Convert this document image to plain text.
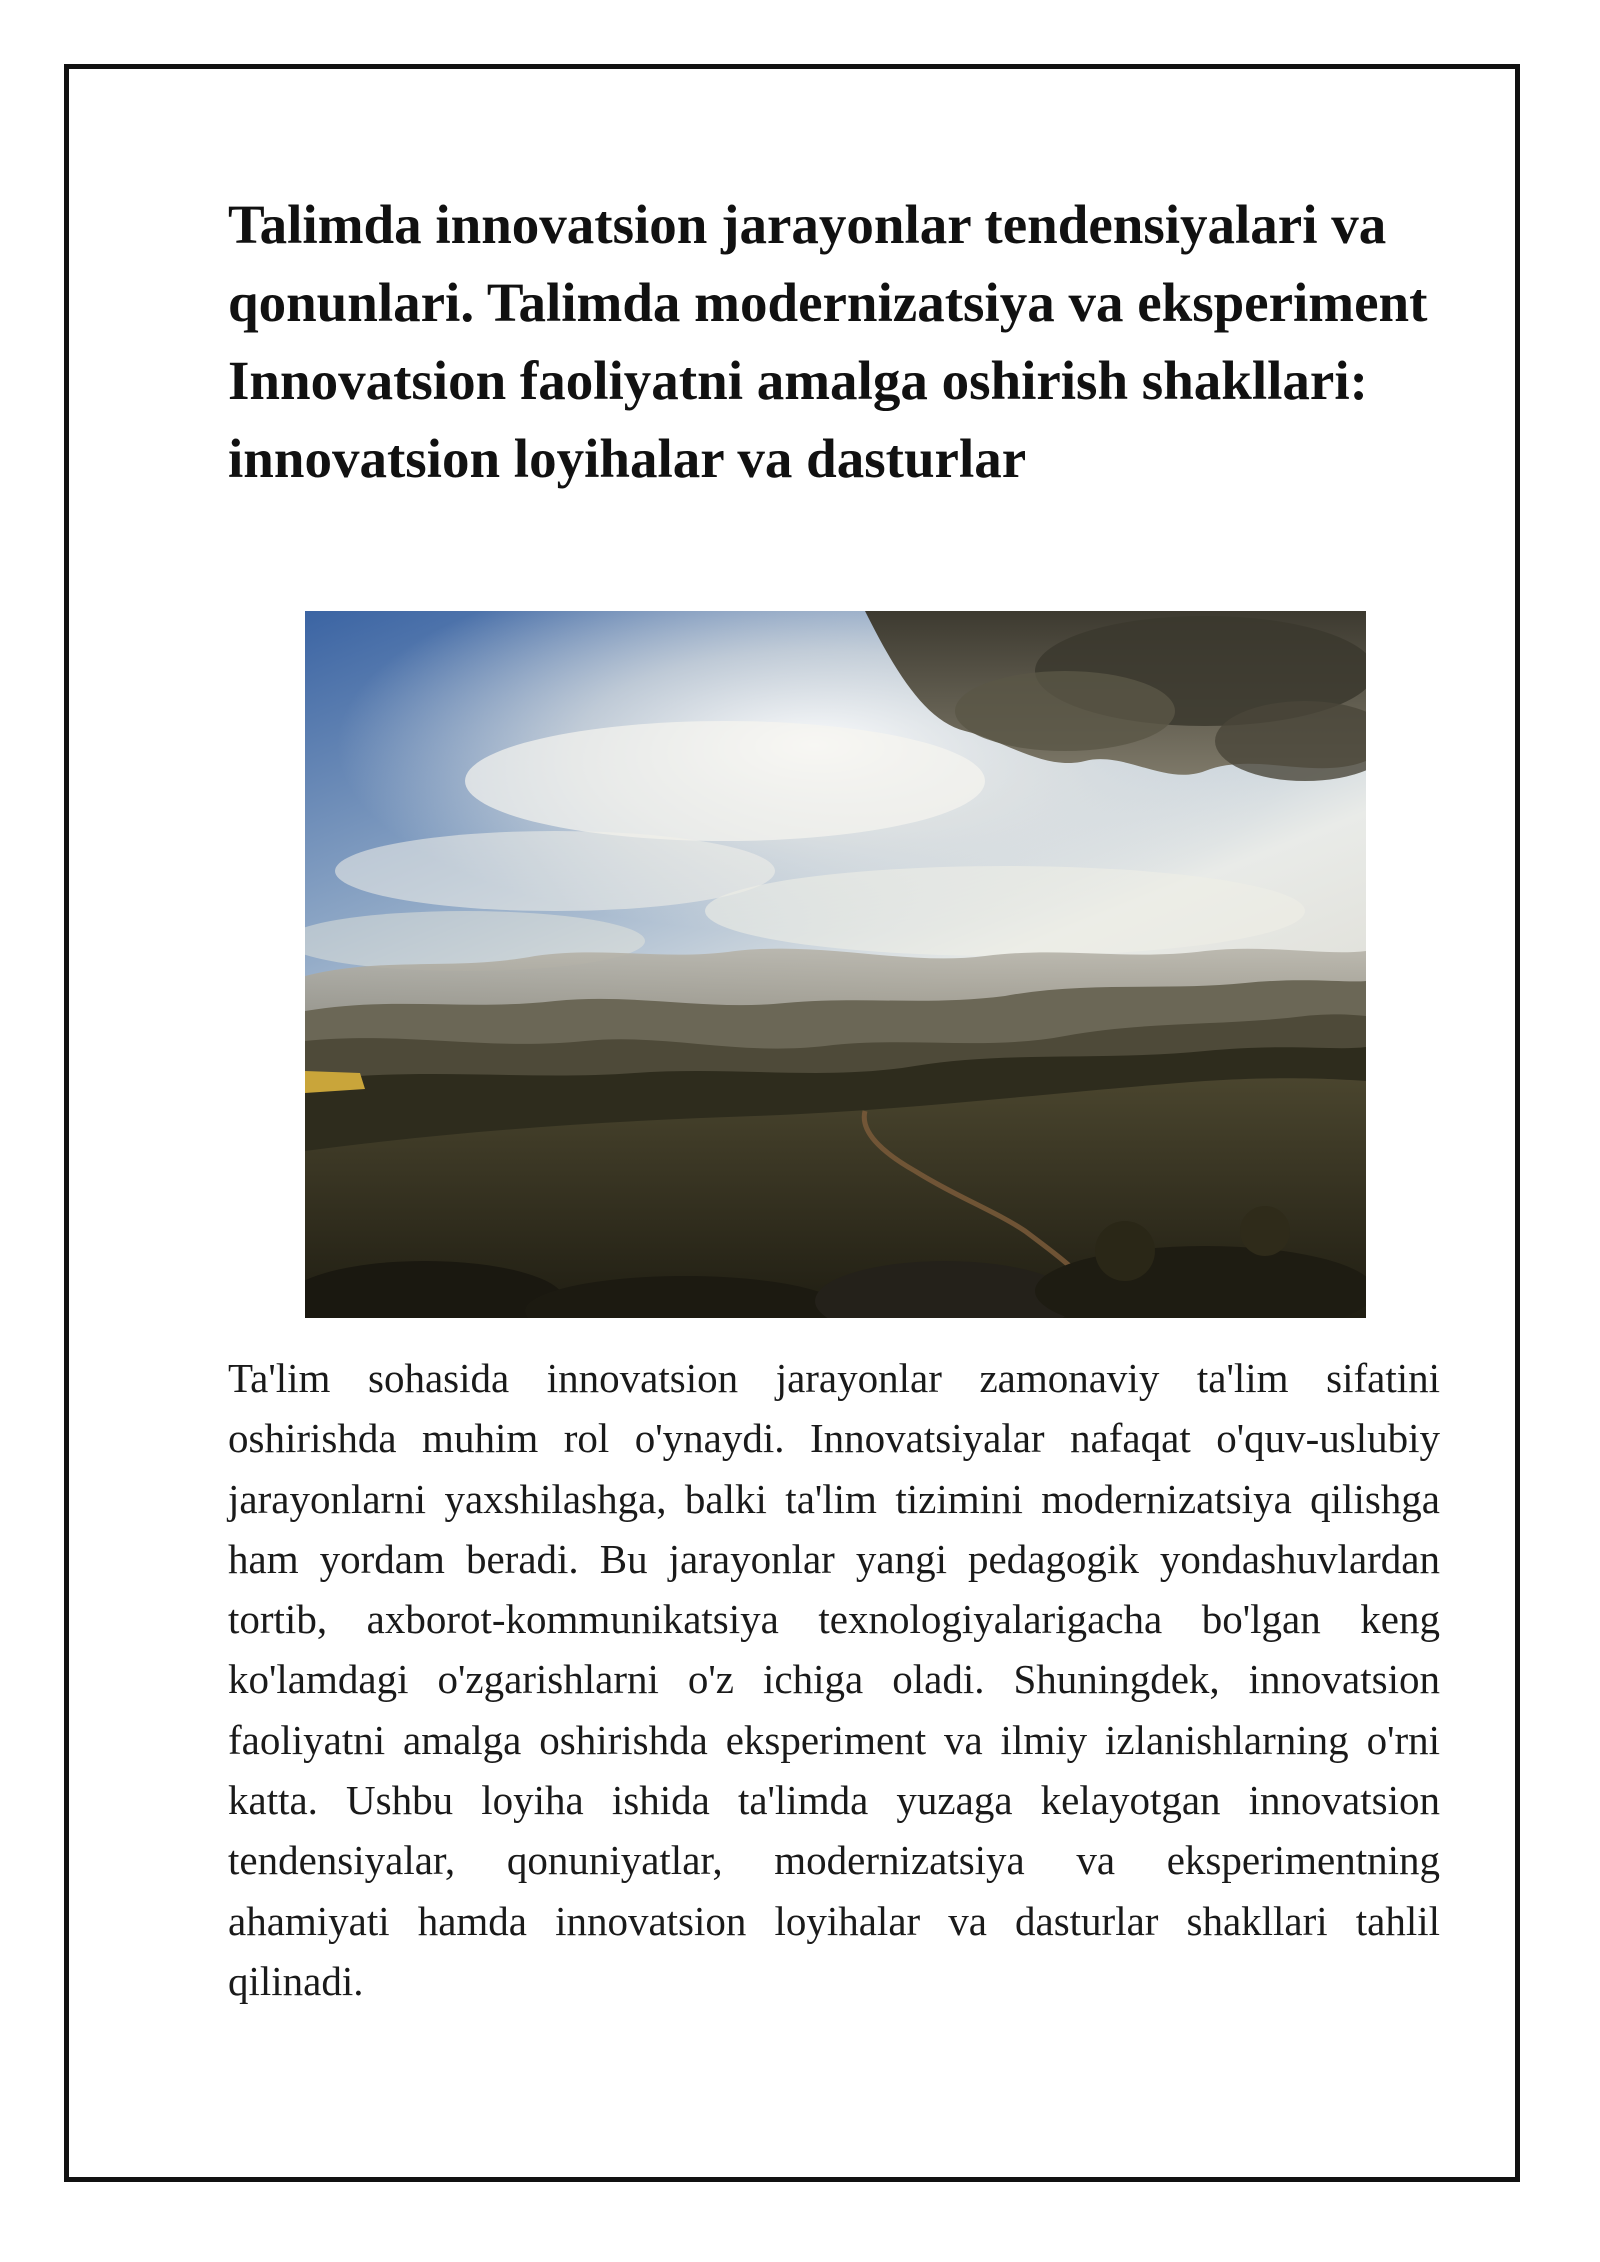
Talimda innovatsion jarayonlar tendensiyalari va qonunlari. Talimda modernizatsiya va eksperiment Innovatsion faoliyatni amalga oshirish shakllari: innovatsion loyihalar va dasturlar

Ta'lim sohasida innovatsion jarayonlar zamonaviy ta'lim sifatini oshirishda muhim rol o'ynaydi. Innovatsiyalar nafaqat o'quv-uslubiy jarayonlarni yaxshilashga, balki ta'lim tizimini modernizatsiya qilishga ham yordam beradi. Bu jarayonlar yangi pedagogik yondashuvlardan tortib, axborot-kommunikatsiya texnologiyalarigacha bo'lgan keng ko'lamdagi o'zgarishlarni o'z ichiga oladi. Shuningdek, innovatsion faoliyatni amalga oshirishda eksperiment va ilmiy izlanishlarning o'rni katta. Ushbu loyiha ishida ta'limda yuzaga kelayotgan innovatsion tendensiyalar, qonuniyatlar, modernizatsiya va eksperimentning ahamiyati hamda innovatsion loyihalar va dasturlar shakllari tahlil qilinadi.
